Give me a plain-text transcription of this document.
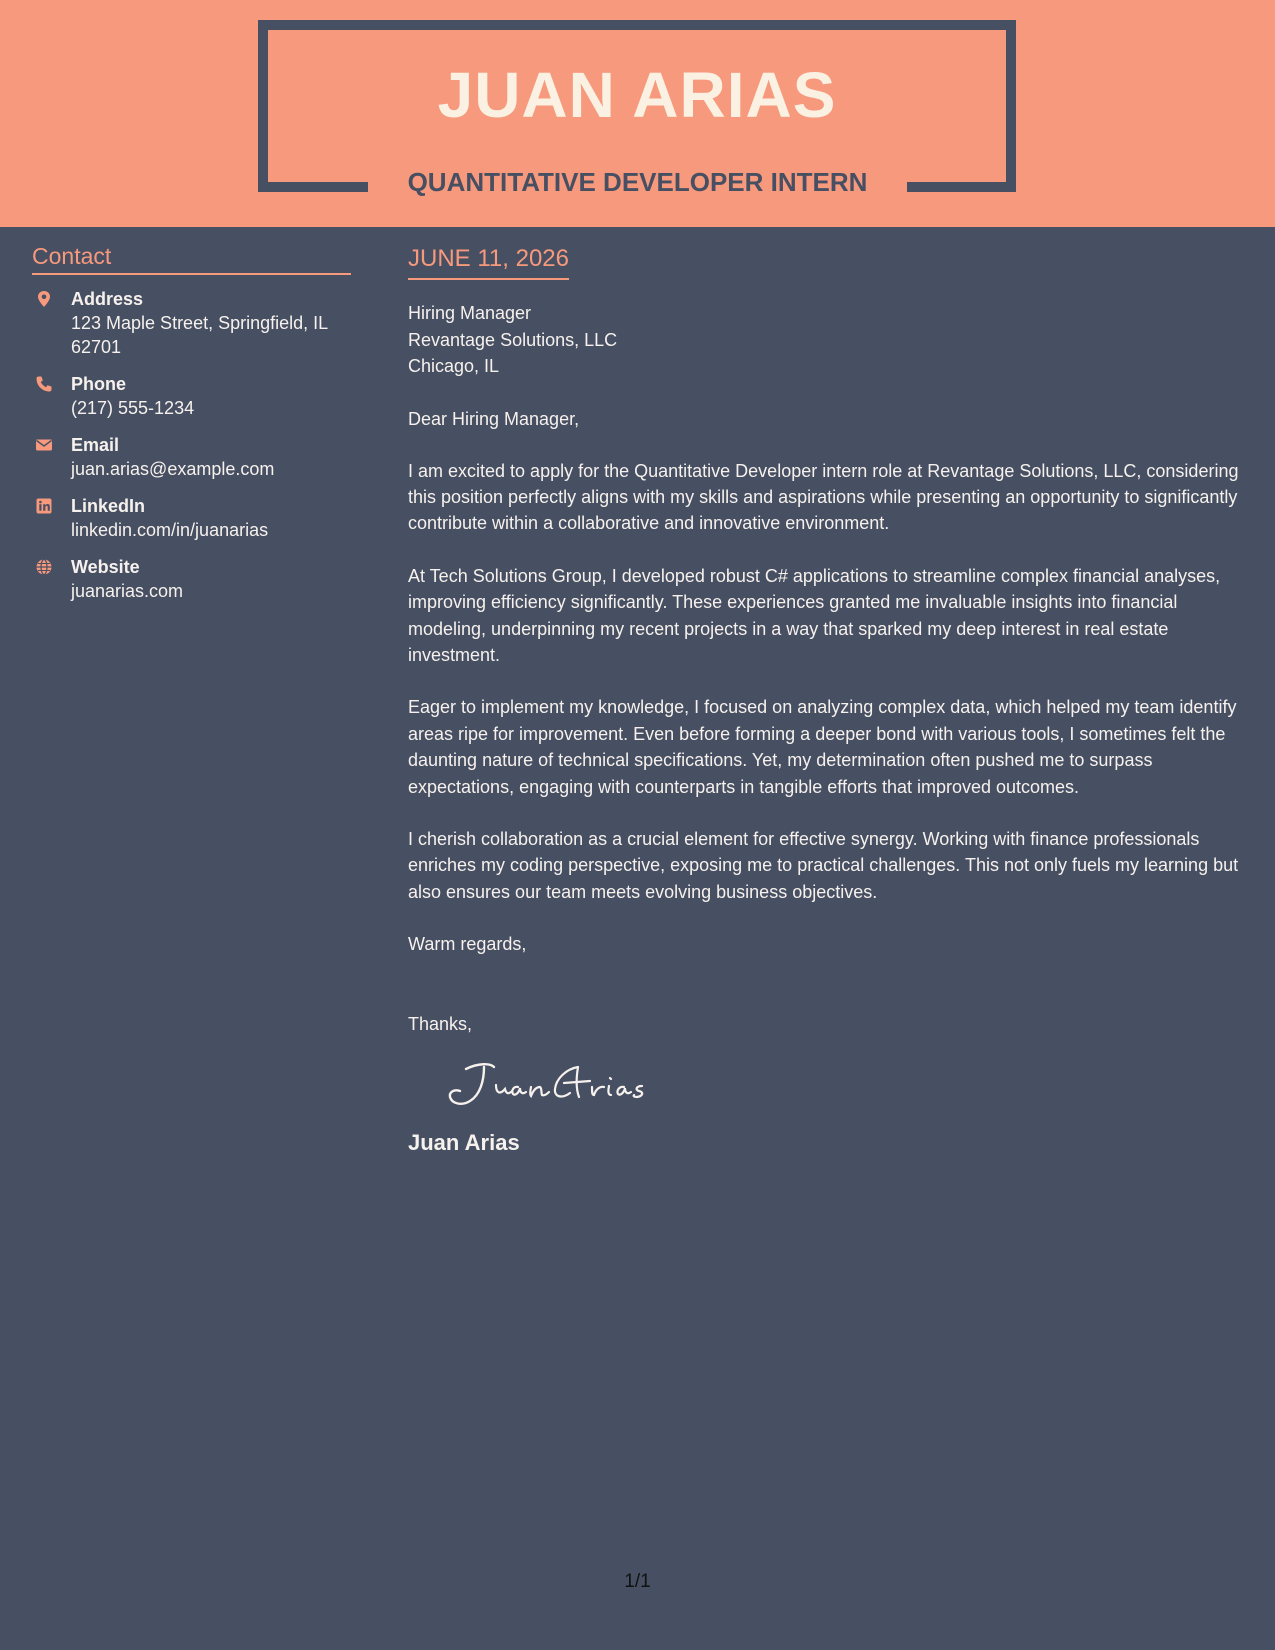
JUAN ARIAS
QUANTITATIVE DEVELOPER INTERN
Contact
Address
123 Maple Street, Springfield, IL 62701
Phone
(217) 555-1234
Email
juan.arias@example.com
LinkedIn
linkedin.com/in/juanarias
Website
juanarias.com
JUNE 11, 2026
Hiring Manager
Revantage Solutions, LLC
Chicago, IL
Dear Hiring Manager,

I am excited to apply for the Quantitative Developer intern role at Revantage Solutions, LLC, considering this position perfectly aligns with my skills and aspirations while presenting an opportunity to significantly contribute within a collaborative and innovative environment.

At Tech Solutions Group, I developed robust C# applications to streamline complex financial analyses, improving efficiency significantly. These experiences granted me invaluable insights into financial modeling, underpinning my recent projects in a way that sparked my deep interest in real estate investment.

Eager to implement my knowledge, I focused on analyzing complex data, which helped my team identify areas ripe for improvement. Even before forming a deeper bond with various tools, I sometimes felt the daunting nature of technical specifications. Yet, my determination often pushed me to surpass expectations, engaging with counterparts in tangible efforts that improved outcomes.

I cherish collaboration as a crucial element for effective synergy. Working with finance professionals enriches my coding perspective, exposing me to practical challenges. This not only fuels my learning but also ensures our team meets evolving business objectives.

Warm regards,
Thanks,
Juan Arias
1/1
